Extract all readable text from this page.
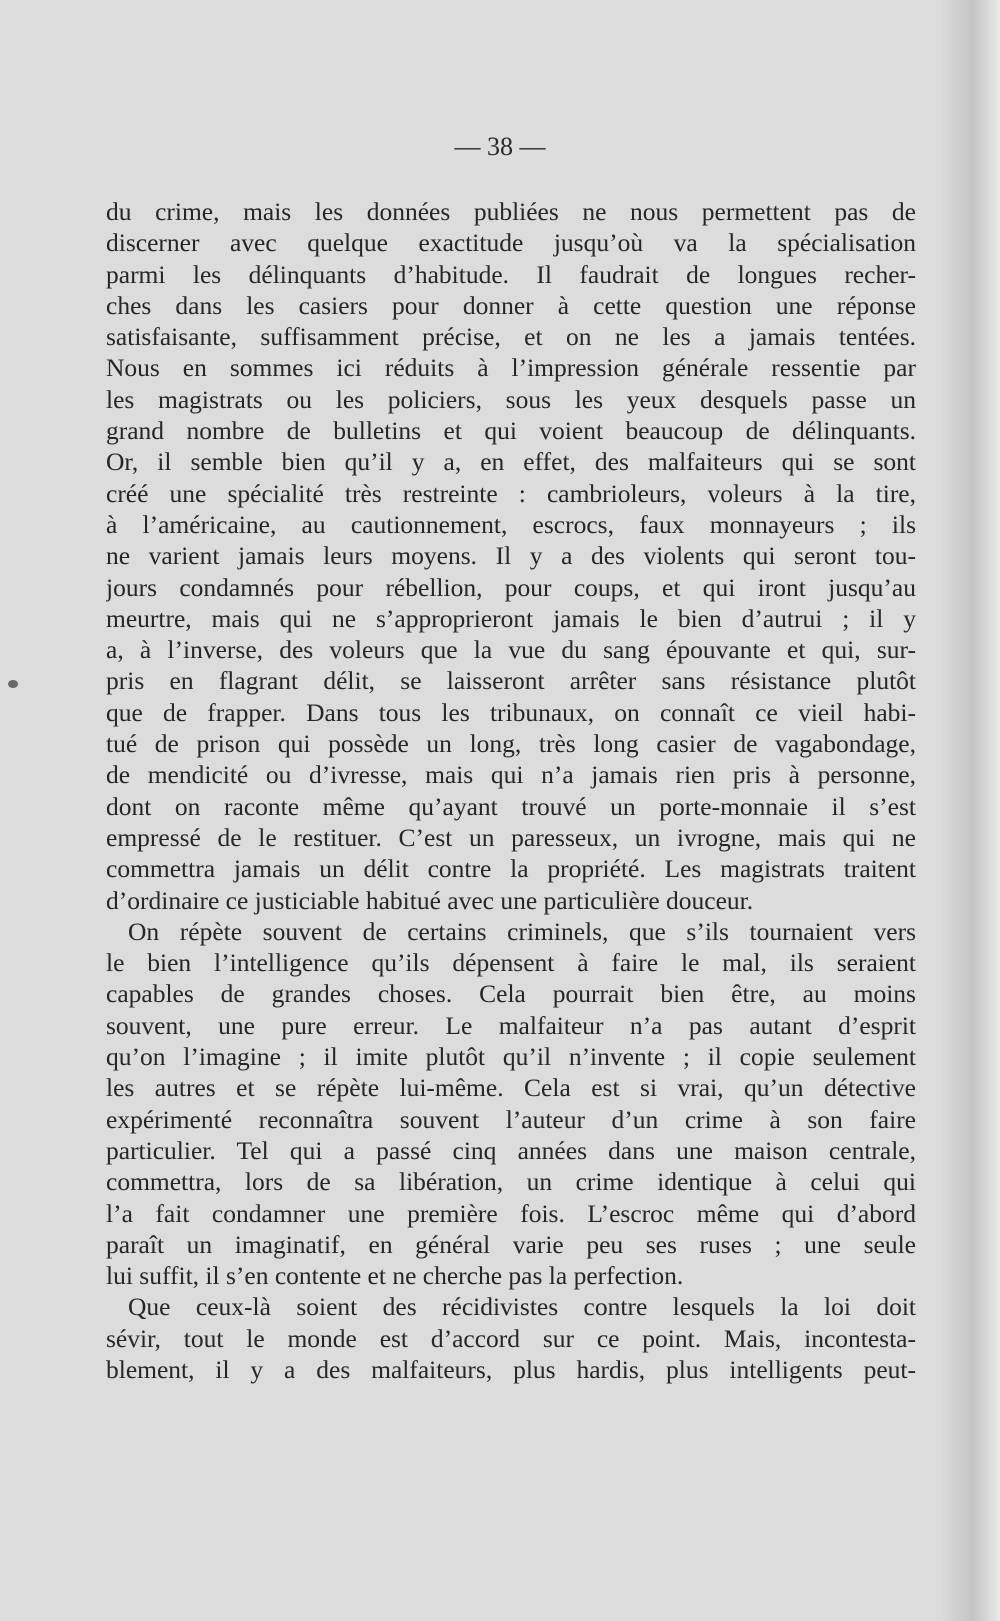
— 38 —

du crime, mais les données publiées ne nous permettent pas de
discerner avec quelque exactitude jusqu’où va la spécialisation
parmi les délinquants d’habitude. Il faudrait de longues recher-
ches dans les casiers pour donner à cette question une réponse
satisfaisante, suffisamment précise, et on ne les a jamais tentées.
Nous en sommes ici réduits à l’impression générale ressentie par
les magistrats ou les policiers, sous les yeux desquels passe un
grand nombre de bulletins et qui voient beaucoup de délinquants.
Or, il semble bien qu’il y a, en effet, des malfaiteurs qui se sont
créé une spécialité très restreinte : cambrioleurs, voleurs à la tire,
à l’américaine, au cautionnement, escrocs, faux monnayeurs ; ils
ne varient jamais leurs moyens. Il y a des violents qui seront tou-
jours condamnés pour rébellion, pour coups, et qui iront jusqu’au
meurtre, mais qui ne s’approprieront jamais le bien d’autrui ; il y
a, à l’inverse, des voleurs que la vue du sang épouvante et qui, sur-
pris en flagrant délit, se laisseront arrêter sans résistance plutôt
que de frapper. Dans tous les tribunaux, on connaît ce vieil habi-
tué de prison qui possède un long, très long casier de vagabondage,
de mendicité ou d’ivresse, mais qui n’a jamais rien pris à personne,
dont on raconte même qu’ayant trouvé un porte-monnaie il s’est
empressé de le restituer. C’est un paresseux, un ivrogne, mais qui ne
commettra jamais un délit contre la propriété. Les magistrats traitent
d’ordinaire ce justiciable habitué avec une particulière douceur.
On répète souvent de certains criminels, que s’ils tournaient vers
le bien l’intelligence qu’ils dépensent à faire le mal, ils seraient
capables de grandes choses. Cela pourrait bien être, au moins
souvent, une pure erreur. Le malfaiteur n’a pas autant d’esprit
qu’on l’imagine ; il imite plutôt qu’il n’invente ; il copie seulement
les autres et se répète lui-même. Cela est si vrai, qu’un détective
expérimenté reconnaîtra souvent l’auteur d’un crime à son faire
particulier. Tel qui a passé cinq années dans une maison centrale,
commettra, lors de sa libération, un crime identique à celui qui
l’a fait condamner une première fois. L’escroc même qui d’abord
paraît un imaginatif, en général varie peu ses ruses ; une seule
lui suffit, il s’en contente et ne cherche pas la perfection.
Que ceux-là soient des récidivistes contre lesquels la loi doit
sévir, tout le monde est d’accord sur ce point. Mais, incontesta-
blement, il y a des malfaiteurs, plus hardis, plus intelligents peut-
